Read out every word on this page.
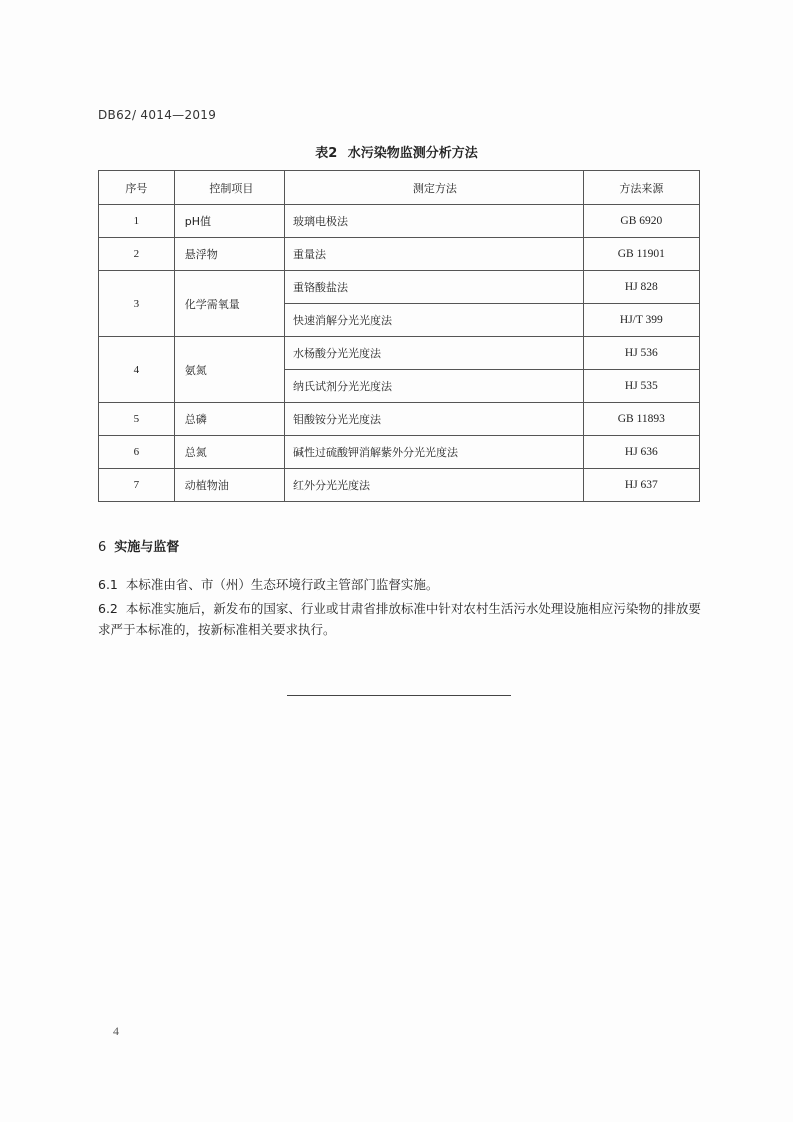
DB62/ 4014—2019
表2 水污染物监测分析方法
序号	控制项目	测定方法	方法来源
1	pH值	玻璃电极法	GB 6920
2	悬浮物	重量法	GB 11901
3	化学需氧量	重铬酸盐法	HJ 828
		快速消解分光光度法	HJ/T 399
4	氨氮	水杨酸分光光度法	HJ 536
		纳氏试剂分光光度法	HJ 535
5	总磷	钼酸铵分光光度法	GB 11893
6	总氮	碱性过硫酸钾消解紫外分光光度法	HJ 636
7	动植物油	红外分光光度法	HJ 637
6 实施与监督
6.1 本标准由省、市（州）生态环境行政主管部门监督实施。
6.2 本标准实施后，新发布的国家、行业或甘肃省排放标准中针对农村生活污水处理设施相应污染物的排放要求严于本标准的，按新标准相关要求执行。
4
